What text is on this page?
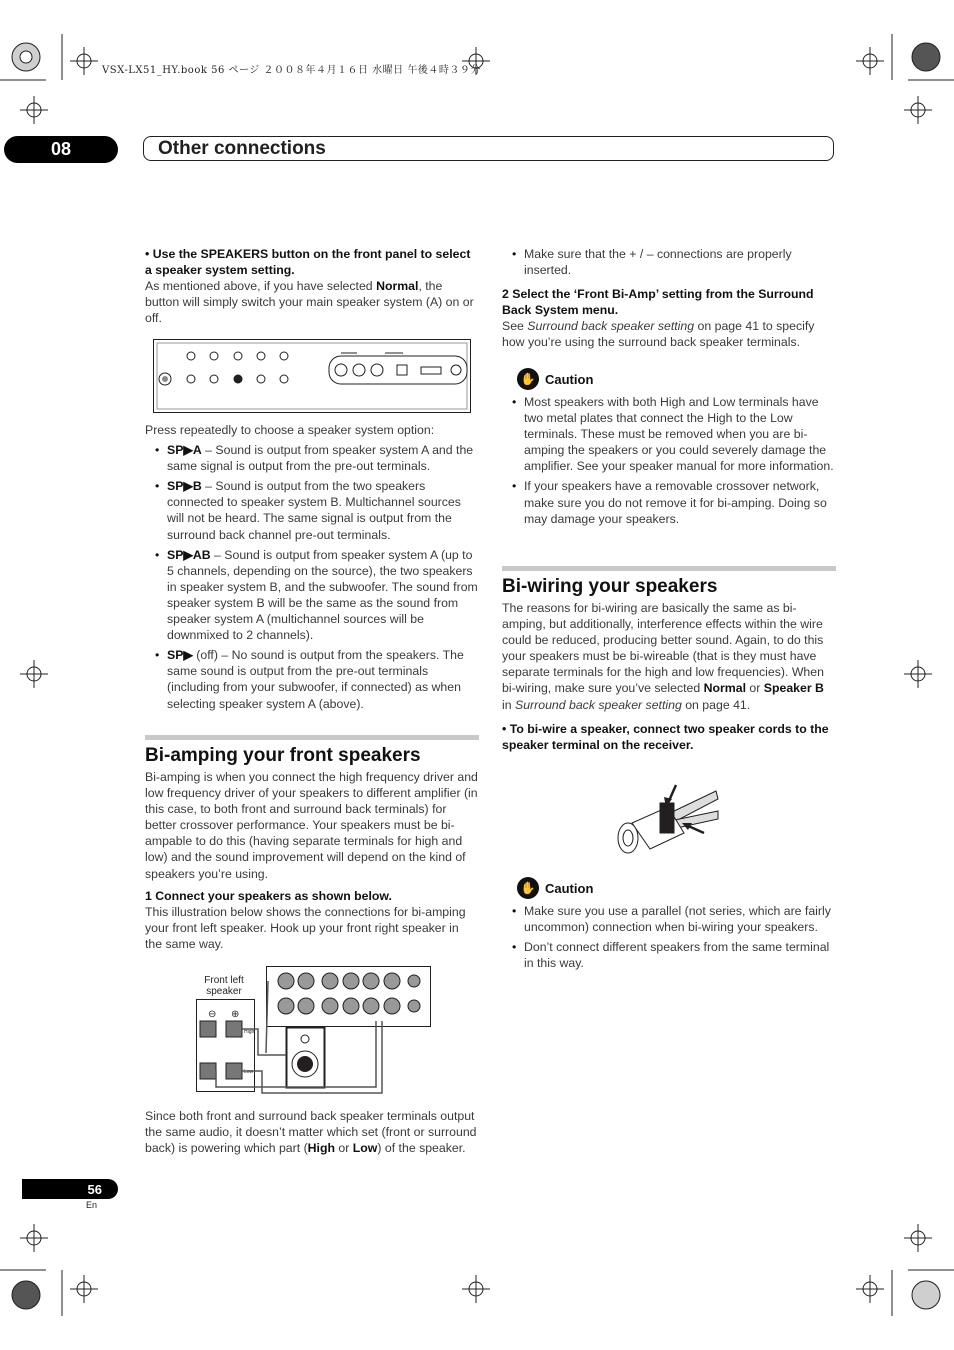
VSX-LX51_HY.book 56 ページ ２００８年４月１６日 水曜日 午後４時３９分
08	Other connections

• Use the SPEAKERS button on the front panel to select a speaker system setting.

As mentioned above, if you have selected Normal, the button will simply switch your main speaker system (A) on or off.

Press repeatedly to choose a speaker system option:

• SP▶A – Sound is output from speaker system A and the same signal is output from the pre-out terminals.
• SP▶B – Sound is output from the two speakers connected to speaker system B. Multichannel sources will not be heard. The same signal is output from the surround back channel pre-out terminals.
• SP▶AB – Sound is output from speaker system A (up to 5 channels, depending on the source), the two speakers in speaker system B, and the subwoofer. The sound from speaker system B will be the same as the sound from speaker system A (multichannel sources will be downmixed to 2 channels).
• SP▶ (off) – No sound is output from the speakers. The same sound is output from the pre-out terminals (including from your subwoofer, if connected) as when selecting speaker system A (above).
Bi-amping your front speakers

Bi-amping is when you connect the high frequency driver and low frequency driver of your speakers to different amplifier (in this case, to both front and surround back terminals) for better crossover performance. Your speakers must be bi-ampable to do this (having separate terminals for high and low) and the sound improvement will depend on the kind of speakers you’re using.

1 Connect your speakers as shown below.

This illustration below shows the connections for bi-amping your front left speaker. Hook up your front right speaker in the same way.

Front left
speaker
⊖ ⊕
High
Low

Since both front and surround back speaker terminals output the same audio, it doesn’t matter which set (front or surround back) is powering which part (High or Low) of the speaker.

• Make sure that the + / – connections are properly inserted.

2 Select the ‘Front Bi-Amp’ setting from the Surround Back System menu.

See Surround back speaker setting on page 41 to specify how you’re using the surround back speaker terminals.

✋ Caution
• Most speakers with both High and Low terminals have two metal plates that connect the High to the Low terminals. These must be removed when you are bi-amping the speakers or you could severely damage the amplifier. See your speaker manual for more information.
• If your speakers have a removable crossover network, make sure you do not remove it for bi-amping. Doing so may damage your speakers.
Bi-wiring your speakers

The reasons for bi-wiring are basically the same as bi-amping, but additionally, interference effects within the wire could be reduced, producing better sound. Again, to do this your speakers must be bi-wireable (that is they must have separate terminals for the high and low frequencies). When bi-wiring, make sure you’ve selected Normal or Speaker B in Surround back speaker setting on page 41.

• To bi-wire a speaker, connect two speaker cords to the speaker terminal on the receiver.

✋ Caution
• Make sure you use a parallel (not series, which are fairly uncommon) connection when bi-wiring your speakers.
• Don’t connect different speakers from the same terminal in this way.
56
En
